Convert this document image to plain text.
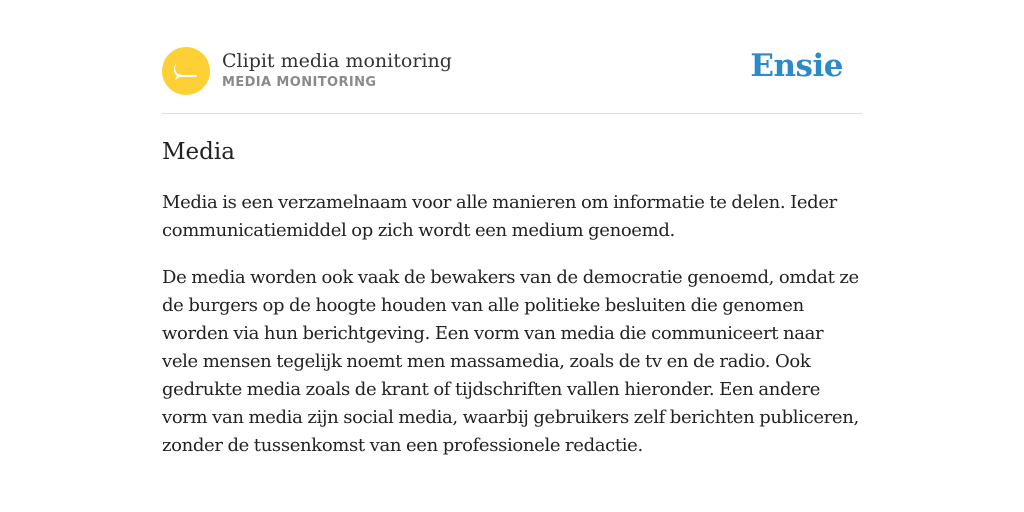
Clipit media monitoring
MEDIA MONITORING	Ensie
Media

Media is een verzamelnaam voor alle manieren om informatie te delen. Ieder communicatiemiddel op zich wordt een medium genoemd.

De media worden ook vaak de bewakers van de democratie genoemd, omdat ze de burgers op de hoogte houden van alle politieke besluiten die genomen worden via hun berichtgeving. Een vorm van media die communiceert naar vele mensen tegelijk noemt men massamedia, zoals de tv en de radio. Ook gedrukte media zoals de krant of tijdschriften vallen hieronder. Een andere vorm van media zijn social media, waarbij gebruikers zelf berichten publiceren, zonder de tussenkomst van een professionele redactie.
